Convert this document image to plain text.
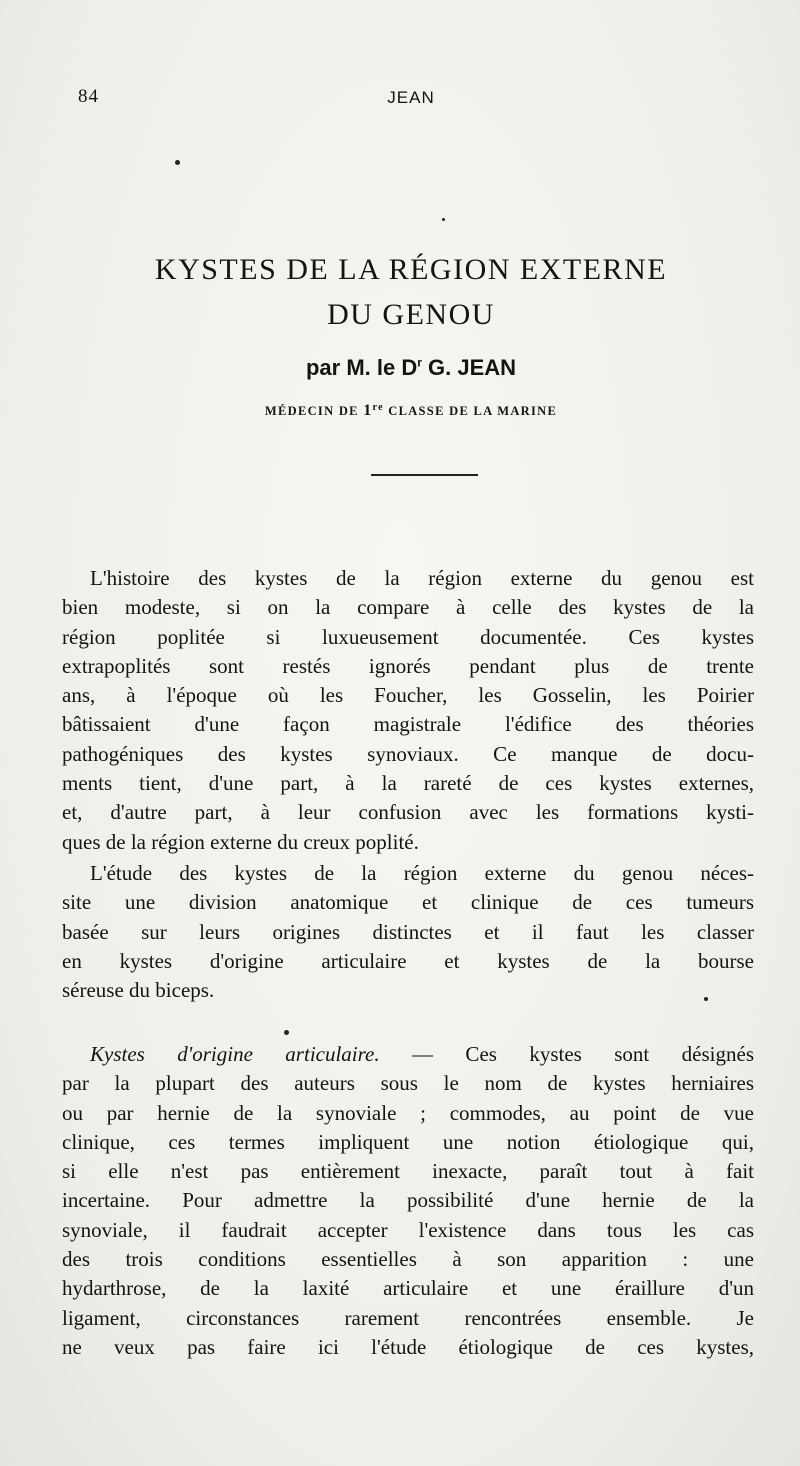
84	JEAN
KYSTES DE LA RÉGION EXTERNE
DU GENOU
par M. le $D^r$ G. JEAN
MÉDECIN DE 1re CLASSE DE LA MARINE
L'histoire des kystes de la région externe du genou est
bien modeste, si on la compare à celle des kystes de la
région poplitée si luxueusement documentée. Ces kystes
extrapoplités sont restés ignorés pendant plus de trente
ans, à l'époque où les Foucher, les Gosselin, les Poirier
bâtissaient d'une façon magistrale l'édifice des théories
pathogéniques des kystes synoviaux. Ce manque de docu-
ments tient, d'une part, à la rareté de ces kystes externes,
et, d'autre part, à leur confusion avec les formations kysti-
ques de la région externe du creux poplité.
L'étude des kystes de la région externe du genou néces-
site une division anatomique et clinique de ces tumeurs
basée sur leurs origines distinctes et il faut les classer
en kystes d'origine articulaire et kystes de la bourse
séreuse du biceps.
Kystes d'origine articulaire. — Ces kystes sont désignés
par la plupart des auteurs sous le nom de kystes herniaires
ou par hernie de la synoviale ; commodes, au point de vue
clinique, ces termes impliquent une notion étiologique qui,
si elle n'est pas entièrement inexacte, paraît tout à fait
incertaine. Pour admettre la possibilité d'une hernie de la
synoviale, il faudrait accepter l'existence dans tous les cas
des trois conditions essentielles à son apparition : une
hydarthrose, de la laxité articulaire et une éraillure d'un
ligament, circonstances rarement rencontrées ensemble. Je
ne veux pas faire ici l'étude étiologique de ces kystes,
